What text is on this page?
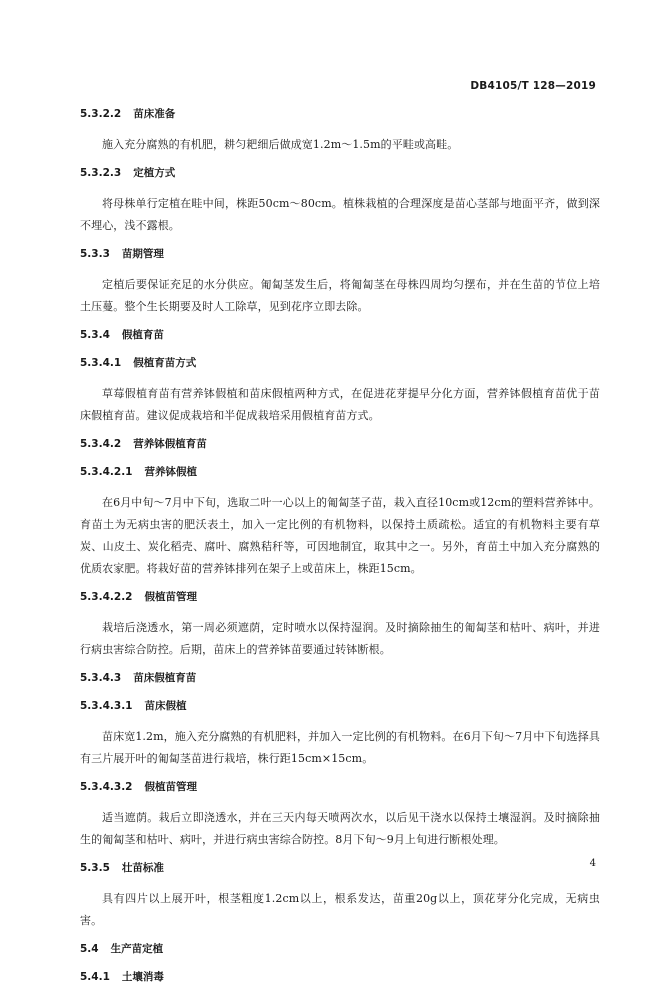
DB4105/T 128—2019
5.3.2.2 苗床准备
施入充分腐熟的有机肥，耕匀耙细后做成宽1.2m～1.5m的平畦或高畦。
5.3.2.3 定植方式
将母株单行定植在畦中间，株距50cm～80cm。植株栽植的合理深度是苗心茎部与地面平齐，做到深不埋心，浅不露根。
5.3.3 苗期管理
定植后要保证充足的水分供应。匍匐茎发生后，将匍匐茎在母株四周均匀摆布，并在生苗的节位上培土压蔓。整个生长期要及时人工除草，见到花序立即去除。
5.3.4 假植育苗
5.3.4.1 假植育苗方式
草莓假植育苗有营养钵假植和苗床假植两种方式，在促进花芽提早分化方面，营养钵假植育苗优于苗床假植育苗。建议促成栽培和半促成栽培采用假植育苗方式。
5.3.4.2 营养钵假植育苗
5.3.4.2.1 营养钵假植
在6月中旬～7月中下旬，选取二叶一心以上的匍匐茎子苗，栽入直径10cm或12cm的塑料营养钵中。育苗土为无病虫害的肥沃表土，加入一定比例的有机物料，以保持土质疏松。适宜的有机物料主要有草炭、山皮土、炭化稻壳、腐叶、腐熟秸秆等，可因地制宜，取其中之一。另外，育苗土中加入充分腐熟的优质农家肥。将栽好苗的营养钵排列在架子上或苗床上，株距15cm。
5.3.4.2.2 假植苗管理
栽培后浇透水，第一周必须遮荫，定时喷水以保持湿润。及时摘除抽生的匍匐茎和枯叶、病叶，并进行病虫害综合防控。后期，苗床上的营养钵苗要通过转钵断根。
5.3.4.3 苗床假植育苗
5.3.4.3.1 苗床假植
苗床宽1.2m，施入充分腐熟的有机肥料，并加入一定比例的有机物料。在6月下旬～7月中下旬选择具有三片展开叶的匍匐茎苗进行栽培，株行距15cm×15cm。
5.3.4.3.2 假植苗管理
适当遮荫。栽后立即浇透水，并在三天内每天喷两次水，以后见干浇水以保持土壤湿润。及时摘除抽生的匍匐茎和枯叶、病叶，并进行病虫害综合防控。8月下旬～9月上旬进行断根处理。
5.3.5 壮苗标准
具有四片以上展开叶，根茎粗度1.2cm以上，根系发达，苗重20g以上，顶花芽分化完成，无病虫害。
5.4 生产苗定植
5.4.1 土壤消毒
4
